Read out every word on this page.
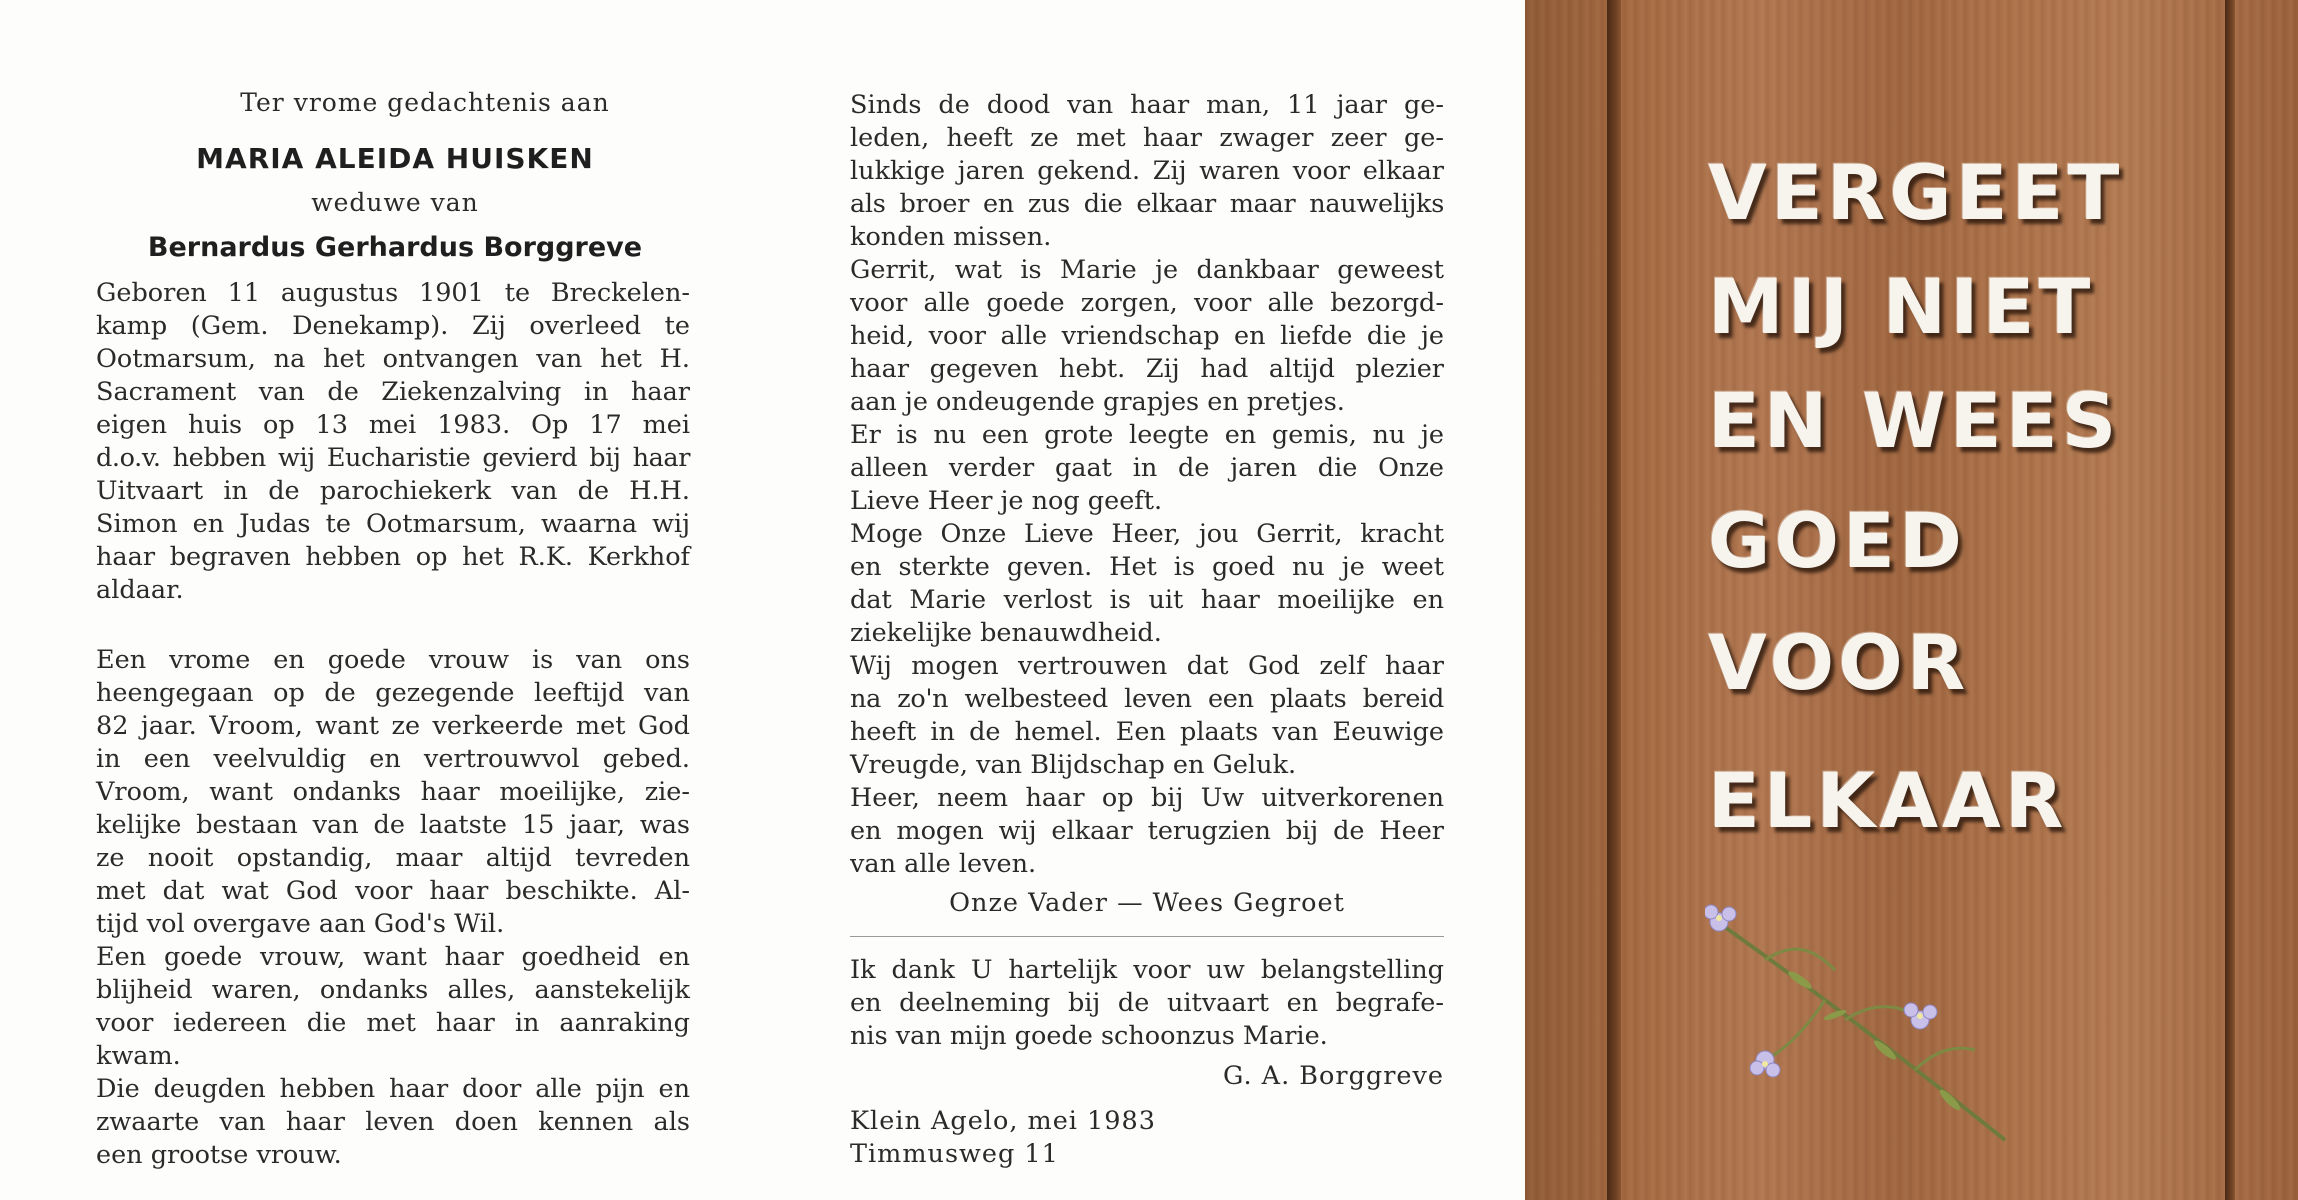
Ter vrome gedachtenis aan
MARIA ALEIDA HUISKEN
weduwe van
Bernardus Gerhardus Borggreve
Geboren 11 augustus 1901 te Breckelen-
kamp (Gem. Denekamp). Zij overleed te
Ootmarsum, na het ontvangen van het H.
Sacrament van de Ziekenzalving in haar
eigen huis op 13 mei 1983. Op 17 mei
d.o.v. hebben wij Eucharistie gevierd bij haar
Uitvaart in de parochiekerk van de H.H.
Simon en Judas te Ootmarsum, waarna wij
haar begraven hebben op het R.K. Kerkhof
aldaar.
Een vrome en goede vrouw is van ons
heengegaan op de gezegende leeftijd van
82 jaar. Vroom, want ze verkeerde met God
in een veelvuldig en vertrouwvol gebed.
Vroom, want ondanks haar moeilijke, zie-
kelijke bestaan van de laatste 15 jaar, was
ze nooit opstandig, maar altijd tevreden
met dat wat God voor haar beschikte. Al-
tijd vol overgave aan God's Wil.
Een goede vrouw, want haar goedheid en
blijheid waren, ondanks alles, aanstekelijk
voor iedereen die met haar in aanraking
kwam.
Die deugden hebben haar door alle pijn en
zwaarte van haar leven doen kennen als
een grootse vrouw.
Sinds de dood van haar man, 11 jaar ge-
leden, heeft ze met haar zwager zeer ge-
lukkige jaren gekend. Zij waren voor elkaar
als broer en zus die elkaar maar nauwelijks
konden missen.
Gerrit, wat is Marie je dankbaar geweest
voor alle goede zorgen, voor alle bezorgd-
heid, voor alle vriendschap en liefde die je
haar gegeven hebt. Zij had altijd plezier
aan je ondeugende grapjes en pretjes.
Er is nu een grote leegte en gemis, nu je
alleen verder gaat in de jaren die Onze
Lieve Heer je nog geeft.
Moge Onze Lieve Heer, jou Gerrit, kracht
en sterkte geven. Het is goed nu je weet
dat Marie verlost is uit haar moeilijke en
ziekelijke benauwdheid.
Wij mogen vertrouwen dat God zelf haar
na zo'n welbesteed leven een plaats bereid
heeft in de hemel. Een plaats van Eeuwige
Vreugde, van Blijdschap en Geluk.
Heer, neem haar op bij Uw uitverkorenen
en mogen wij elkaar terugzien bij de Heer
van alle leven.
Onze Vader — Wees Gegroet
Ik dank U hartelijk voor uw belangstelling
en deelneming bij de uitvaart en begrafe-
nis van mijn goede schoonzus Marie.
G. A. Borggreve
Klein Agelo, mei 1983
Timmusweg 11
VERGEET
MIJ NIET
EN WEES
GOED
VOOR
ELKAAR
